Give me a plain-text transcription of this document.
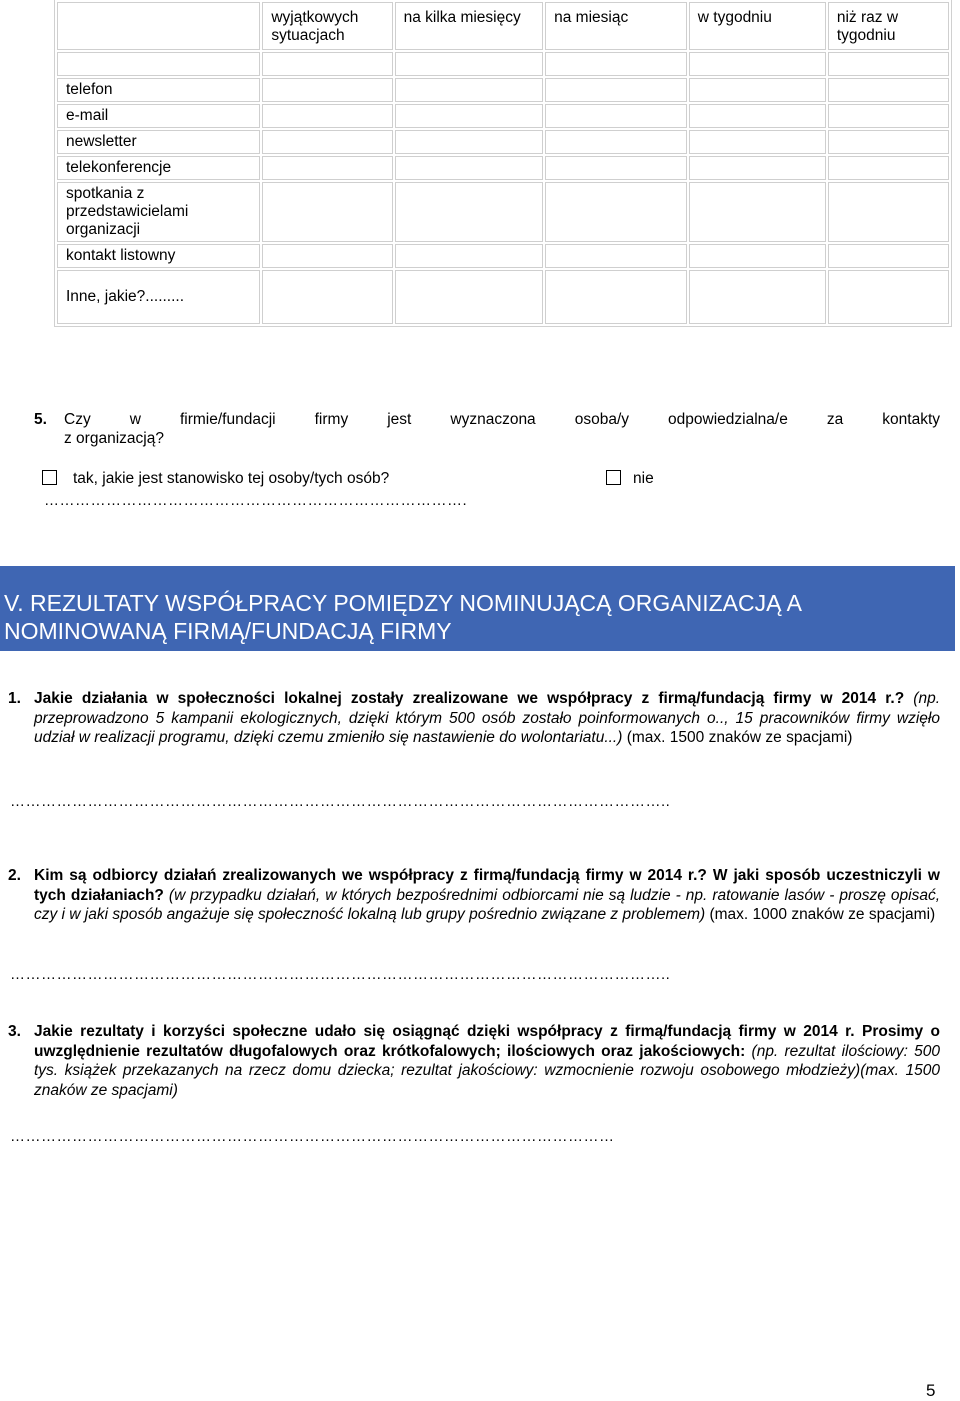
	wyjątkowych sytuacjach	na kilka miesięcy	na miesiąc	w tygodniu	niż raz w tygodniu

telefon					
e-mail					
newsletter					
telekonferencje					
spotkania z przedstawicielami organizacji					
kontakt listowny					
Inne, jakie?.........					
5. Czy w firmie/fundacji firmy jest wyznaczona osoba/y odpowiedzialna/e za kontakty
z organizacją?
tak, jakie jest stanowisko tej osoby/tych osób?	nie
……………………………………………………………………….
V. REZULTATY WSPÓŁPRACY POMIĘDZY NOMINUJĄCĄ ORGANIZACJĄ A
NOMINOWANĄ FIRMĄ/FUNDACJĄ FIRMY
1. Jakie działania w społeczności lokalnej zostały zrealizowane we współpracy z firmą/fundacją firmy w 2014 r.? (np. przeprowadzono 5 kampanii ekologicznych, dzięki którym 500 osób zostało poinformowanych o.., 15 pracowników firmy wzięło udział w realizacji programu, dzięki czemu zmieniło się nastawienie do wolontariatu...) (max. 1500 znaków ze spacjami)
………………………………………………………………………………………………………………..
2. Kim są odbiorcy działań zrealizowanych we współpracy z firmą/fundacją firmy w 2014 r.? W jaki sposób uczestniczyli w tych działaniach? (w przypadku działań, w których bezpośrednimi odbiorcami nie są ludzie - np. ratowanie lasów - proszę opisać, czy i w jaki sposób angażuje się społeczność lokalną lub grupy pośrednio związane z problemem) (max. 1000 znaków ze spacjami)
………………………………………………………………………………………………………………..
3. Jakie rezultaty i korzyści społeczne udało się osiągnąć dzięki współpracy z firmą/fundacją firmy w 2014 r. Prosimy o uwzględnienie rezultatów długofalowych oraz krótkofalowych; ilościowych oraz jakościowych: (np. rezultat ilościowy: 500 tys. książek przekazanych na rzecz domu dziecka; rezultat jakościowy: wzmocnienie rozwoju osobowego młodzieży)(max. 1500 znaków ze spacjami)
………………………………………………………………………………………………………
5
